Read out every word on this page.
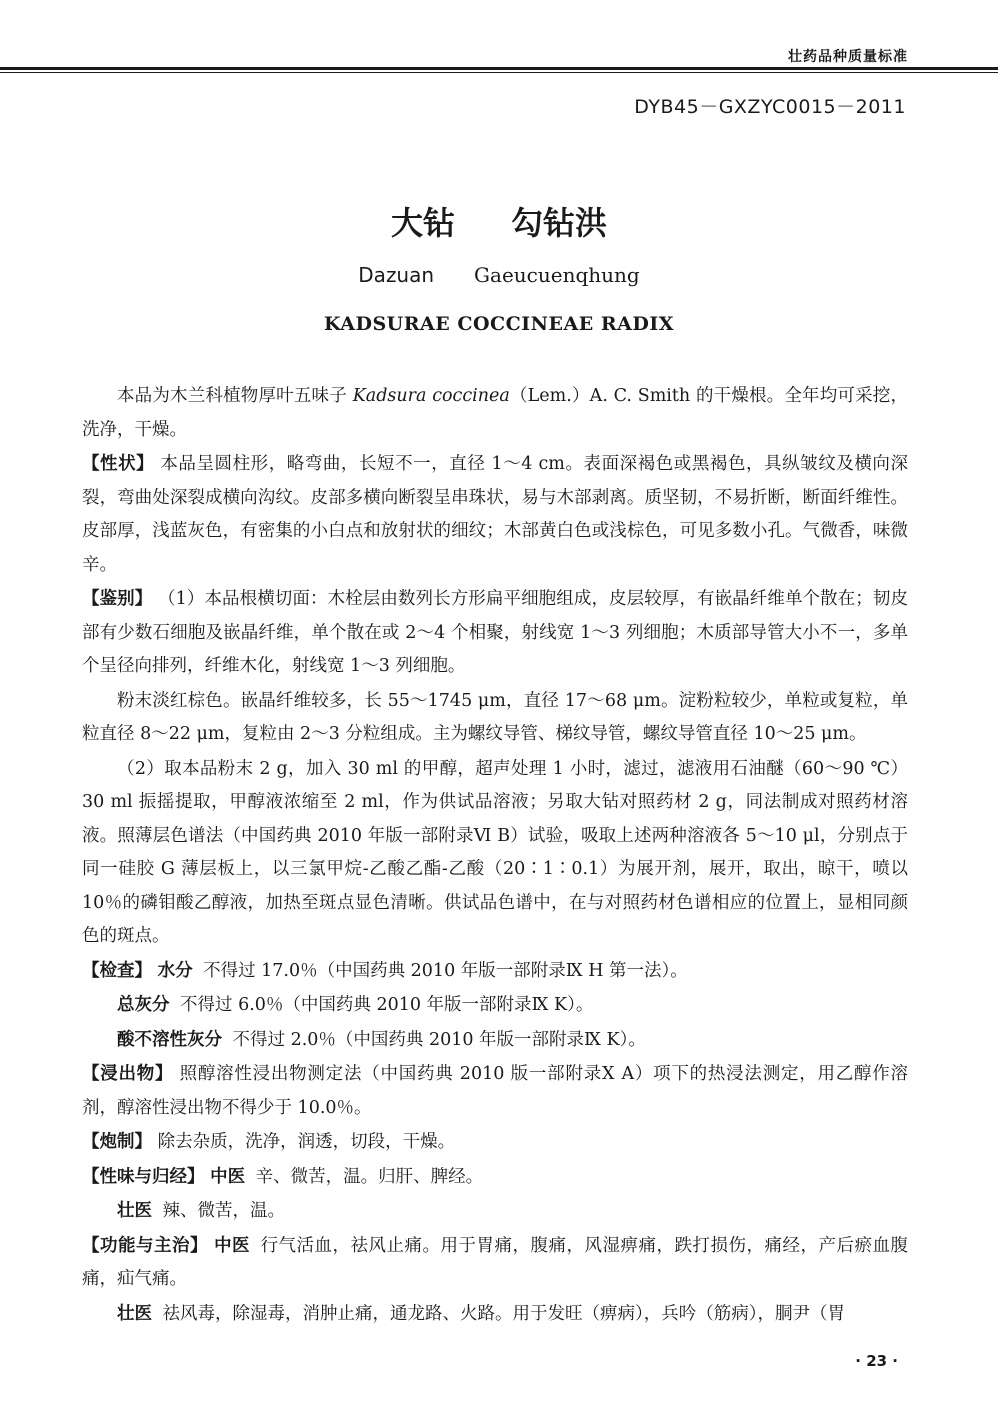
壮药品种质量标准
DYB45－GXZYC0015－2011
大钻 勾钻洪
Dazuan Gaeucuenqhung
KADSURAE COCCINEAE RADIX

本品为木兰科植物厚叶五味子 Kadsura coccinea（Lem.）A. C. Smith 的干燥根。全年均可采挖，洗净，干燥。

【性状】 本品呈圆柱形，略弯曲，长短不一，直径 1～4 cm。表面深褐色或黑褐色，具纵皱纹及横向深裂，弯曲处深裂成横向沟纹。皮部多横向断裂呈串珠状，易与木部剥离。质坚韧，不易折断，断面纤维性。皮部厚，浅蓝灰色，有密集的小白点和放射状的细纹；木部黄白色或浅棕色，可见多数小孔。气微香，味微辛。

【鉴别】 （1）本品根横切面：木栓层由数列长方形扁平细胞组成，皮层较厚，有嵌晶纤维单个散在；韧皮部有少数石细胞及嵌晶纤维，单个散在或 2～4 个相聚，射线宽 1～3 列细胞；木质部导管大小不一，多单个呈径向排列，纤维木化，射线宽 1～3 列细胞。

粉末淡红棕色。嵌晶纤维较多，长 55～1745 μm，直径 17～68 μm。淀粉粒较少，单粒或复粒，单粒直径 8～22 μm，复粒由 2～3 分粒组成。主为螺纹导管、梯纹导管，螺纹导管直径 10～25 μm。

（2）取本品粉末 2 g，加入 30 ml 的甲醇，超声处理 1 小时，滤过，滤液用石油醚（60～90 ℃）30 ml 振摇提取，甲醇液浓缩至 2 ml，作为供试品溶液；另取大钻对照药材 2 g，同法制成对照药材溶液。照薄层色谱法（中国药典 2010 年版一部附录Ⅵ B）试验，吸取上述两种溶液各 5～10 μl，分别点于同一硅胶 G 薄层板上，以三氯甲烷-乙酸乙酯-乙酸（20∶1∶0.1）为展开剂，展开，取出，晾干，喷以 10％的磷钼酸乙醇液，加热至斑点显色清晰。供试品色谱中，在与对照药材色谱相应的位置上，显相同颜色的斑点。

【检查】 水分 不得过 17.0％（中国药典 2010 年版一部附录Ⅸ H 第一法）。

总灰分 不得过 6.0％（中国药典 2010 年版一部附录Ⅸ K）。

酸不溶性灰分 不得过 2.0％（中国药典 2010 年版一部附录Ⅸ K）。

【浸出物】 照醇溶性浸出物测定法（中国药典 2010 版一部附录Ⅹ A）项下的热浸法测定，用乙醇作溶剂，醇溶性浸出物不得少于 10.0％。

【炮制】 除去杂质，洗净，润透，切段，干燥。

【性味与归经】 中医 辛、微苦，温。归肝、脾经。

壮医 辣、微苦，温。

【功能与主治】 中医 行气活血，祛风止痛。用于胃痛，腹痛，风湿痹痛，跌打损伤，痛经，产后瘀血腹痛，疝气痛。

壮医 祛风毒，除湿毒，消肿止痛，通龙路、火路。用于发旺（痹病），兵吟（筋病），胴尹（胃

· 23 ·
